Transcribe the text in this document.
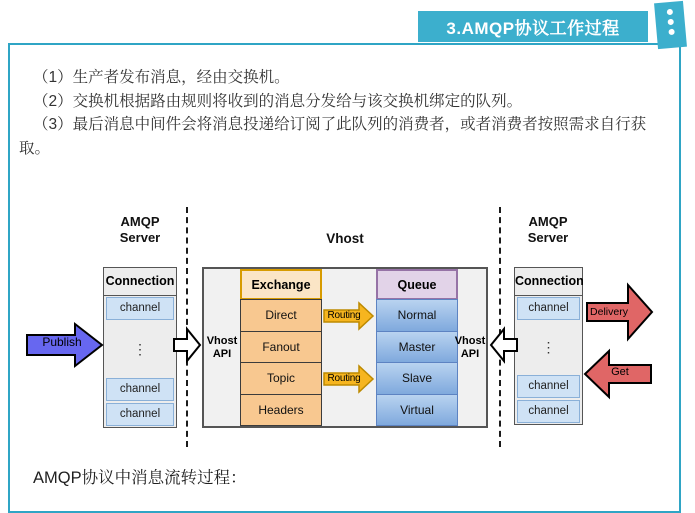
3.AMQP协议工作过程

（1）生产者发布消息，经由交换机。

（2）交换机根据路由规则将收到的消息分发给与该交换机绑定的队列。

（3）最后消息中间件会将消息投递给订阅了此队列的消费者，或者消费者按照需求自行获取。

AMQP
Server	Vhost
AMQP
Server
Connection
channel
⋮
channel
channel
Publish	Vhost
API
Exchange
Direct
Fanout
Topic
Headers
Routing
Routing
Queue
Normal
Master
Slave
Virtual
Vhost
API
Connection
channel
⋮
channel
channel
Delivery
Get
AMQP协议中消息流转过程：
